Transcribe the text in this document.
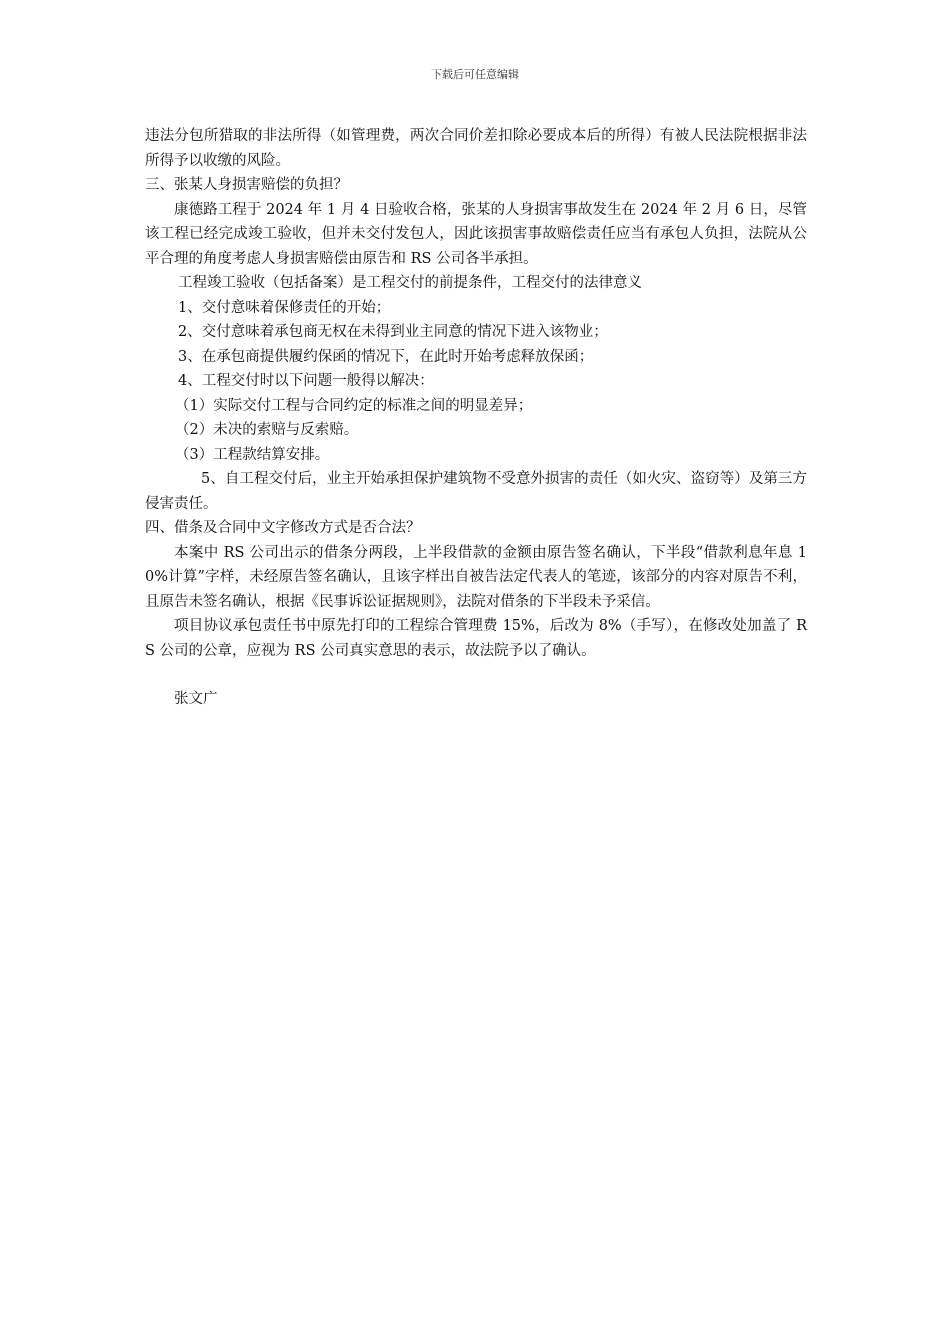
下载后可任意编辑

违法分包所猎取的非法所得（如管理费，两次合同价差扣除必要成本后的所得）有被人民法院根据非法所得予以收缴的风险。

三、张某人身损害赔偿的负担？

康德路工程于 2024 年 1 月 4 日验收合格，张某的人身损害事故发生在 2024 年 2 月 6 日，尽管该工程已经完成竣工验收，但并未交付发包人，因此该损害事故赔偿责任应当有承包人负担，法院从公平合理的角度考虑人身损害赔偿由原告和 RS 公司各半承担。

工程竣工验收（包括备案）是工程交付的前提条件，工程交付的法律意义

1、交付意味着保修责任的开始；

2、交付意味着承包商无权在未得到业主同意的情况下进入该物业；

3、在承包商提供履约保函的情况下，在此时开始考虑释放保函；

4、工程交付时以下问题一般得以解决：

（1）实际交付工程与合同约定的标准之间的明显差异；

（2）未决的索赔与反索赔。

（3）工程款结算安排。

5、自工程交付后，业主开始承担保护建筑物不受意外损害的责任（如火灾、盗窃等）及第三方侵害责任。

四、借条及合同中文字修改方式是否合法？

本案中 RS 公司出示的借条分两段，上半段借款的金额由原告签名确认，下半段“借款利息年息 10%计算”字样，未经原告签名确认，且该字样出自被告法定代表人的笔迹，该部分的内容对原告不利，且原告未签名确认，根据《民事诉讼证据规则》，法院对借条的下半段未予采信。

项目协议承包责任书中原先打印的工程综合管理费 15%，后改为 8%（手写），在修改处加盖了 RS 公司的公章，应视为 RS 公司真实意思的表示，故法院予以了确认。

张文广
